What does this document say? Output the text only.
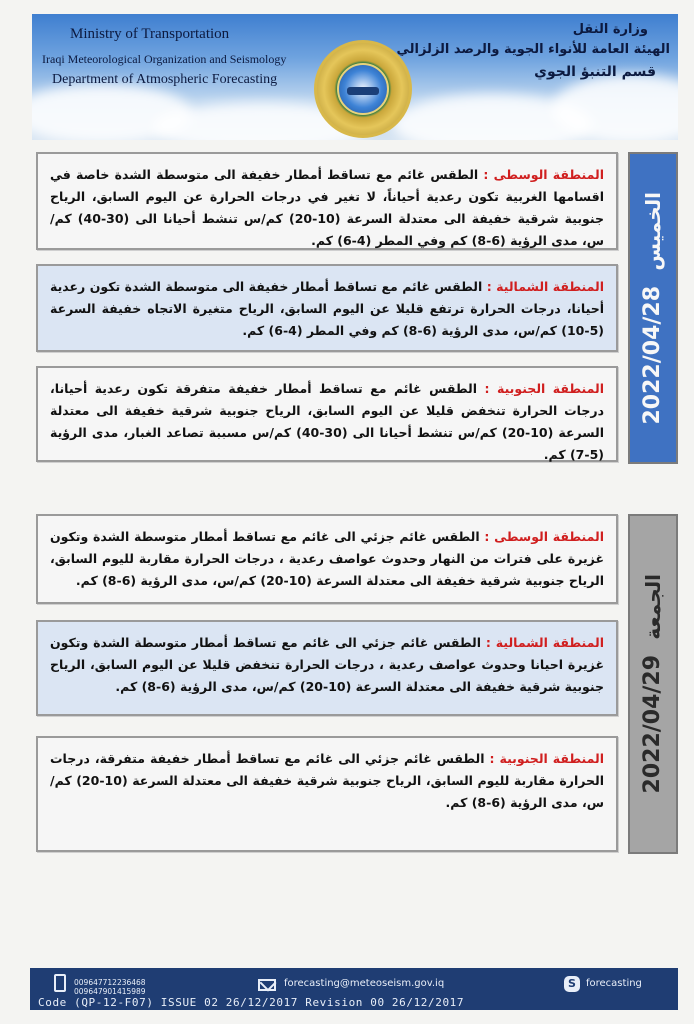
Ministry of Transportation
Iraqi Meteorological Organization and Seismology
Department of Atmospheric Forecasting
وزارة النقل
الهيئة العامة للأنواء الجوية والرصد الزلزالي
قسم التنبؤ الجوي
المنطقة الوسطى : الطقس غائم مع تساقط أمطار خفيفة الى متوسطة الشدة خاصة في اقسامها الغربية تكون رعدية أحياناً، لا تغير في درجات الحرارة عن اليوم السابق، الرياح جنوبية شرقية خفيفة الى معتدلة السرعة (10-20) كم/س تنشط أحيانا الى (30-40) كم/س، مدى الرؤية (6-8) كم وفي المطر (4-6) كم.
المنطقة الشمالية : الطقس غائم مع تساقط أمطار خفيفة الى متوسطة الشدة تكون رعدية أحيانا، درجات الحرارة ترتفع قليلا عن اليوم السابق، الرياح متغيرة الاتجاه خفيفة السرعة (5-10) كم/س، مدى الرؤية (6-8) كم وفي المطر (4-6) كم.
المنطقة الجنوبية : الطقس غائم مع تساقط أمطار خفيفة متفرقة تكون رعدية أحيانا، درجات الحرارة تنخفض قليلا عن اليوم السابق، الرياح جنوبية شرقية خفيفة الى معتدلة السرعة (10-20) كم/س تنشط أحيانا الى (30-40) كم/س مسببة تصاعد الغبار، مدى الرؤية (5-7) كم.
2022/04/28  الخميس
المنطقة الوسطى : الطقس غائم جزئي الى غائم مع تساقط أمطار متوسطة الشدة وتكون غزيرة على فترات من النهار وحدوث عواصف رعدية ، درجات الحرارة مقاربة لليوم السابق، الرياح جنوبية شرقية خفيفة الى معتدلة السرعة (10-20) كم/س، مدى الرؤية (6-8) كم.
المنطقة الشمالية : الطقس غائم جزئي الى غائم مع تساقط أمطار متوسطة الشدة وتكون غزيرة احيانا وحدوث عواصف رعدية ، درجات الحرارة تنخفض قليلا عن اليوم السابق، الرياح جنوبية شرقية خفيفة الى معتدلة السرعة (10-20) كم/س، مدى الرؤية (6-8) كم.
المنطقة الجنوبية : الطقس غائم جزئي الى غائم مع تساقط أمطار خفيفة متفرقة، درجات الحرارة مقاربة لليوم السابق، الرياح جنوبية شرقية خفيفة الى معتدلة السرعة (10-20) كم/س، مدى الرؤية (6-8) كم.
2022/04/29  الجمعة
009647712236468
009647901415989
forecasting@meteoseism.gov.iq	S	forecasting
Code (QP-12-F07) ISSUE 02 26/12/2017 Revision 00 26/12/2017
